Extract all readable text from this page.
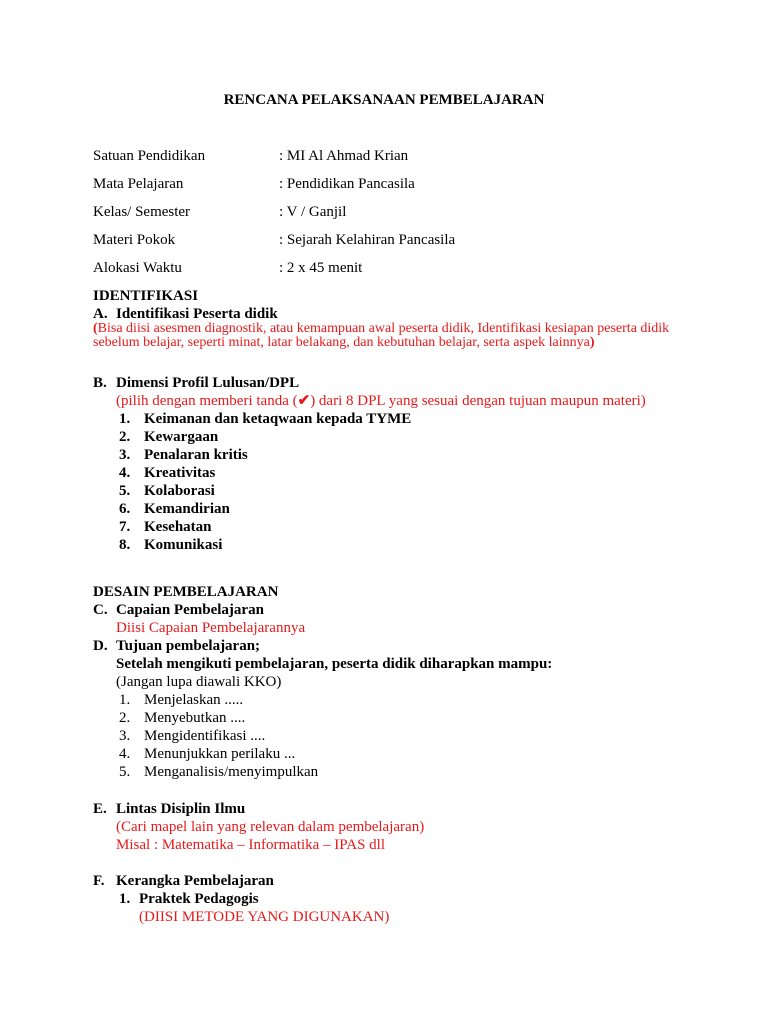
RENCANA PELAKSANAAN PEMBELAJARAN
Satuan Pendidikan	: MI Al Ahmad Krian
Mata Pelajaran	: Pendidikan Pancasila
Kelas/ Semester	: V / Ganjil
Materi Pokok	: Sejarah Kelahiran Pancasila
Alokasi Waktu	: 2 x 45 menit
IDENTIFIKASI
A. Identifikasi Peserta didik
(Bisa diisi asesmen diagnostik, atau kemampuan awal peserta didik, Identifikasi kesiapan peserta didik sebelum belajar, seperti minat, latar belakang, dan kebutuhan belajar, serta aspek lainnya)
B. Dimensi Profil Lulusan/DPL
(pilih dengan memberi tanda (✔) dari 8 DPL yang sesuai dengan tujuan maupun materi)
1. Keimanan dan ketaqwaan kepada TYME
2. Kewargaan
3. Penalaran kritis
4. Kreativitas
5. Kolaborasi
6. Kemandirian
7. Kesehatan
8. Komunikasi
DESAIN PEMBELAJARAN
C. Capaian Pembelajaran
Diisi Capaian Pembelajarannya
D. Tujuan pembelajaran;
Setelah mengikuti pembelajaran, peserta didik diharapkan mampu:
(Jangan lupa diawali KKO)
1. Menjelaskan .....
2. Menyebutkan ....
3. Mengidentifikasi ....
4. Menunjukkan perilaku ...
5. Menganalisis/menyimpulkan
E. Lintas Disiplin Ilmu
(Cari mapel lain yang relevan dalam pembelajaran)
Misal : Matematika – Informatika – IPAS dll
F. Kerangka Pembelajaran
1. Praktek Pedagogis
(DIISI METODE YANG DIGUNAKAN)
